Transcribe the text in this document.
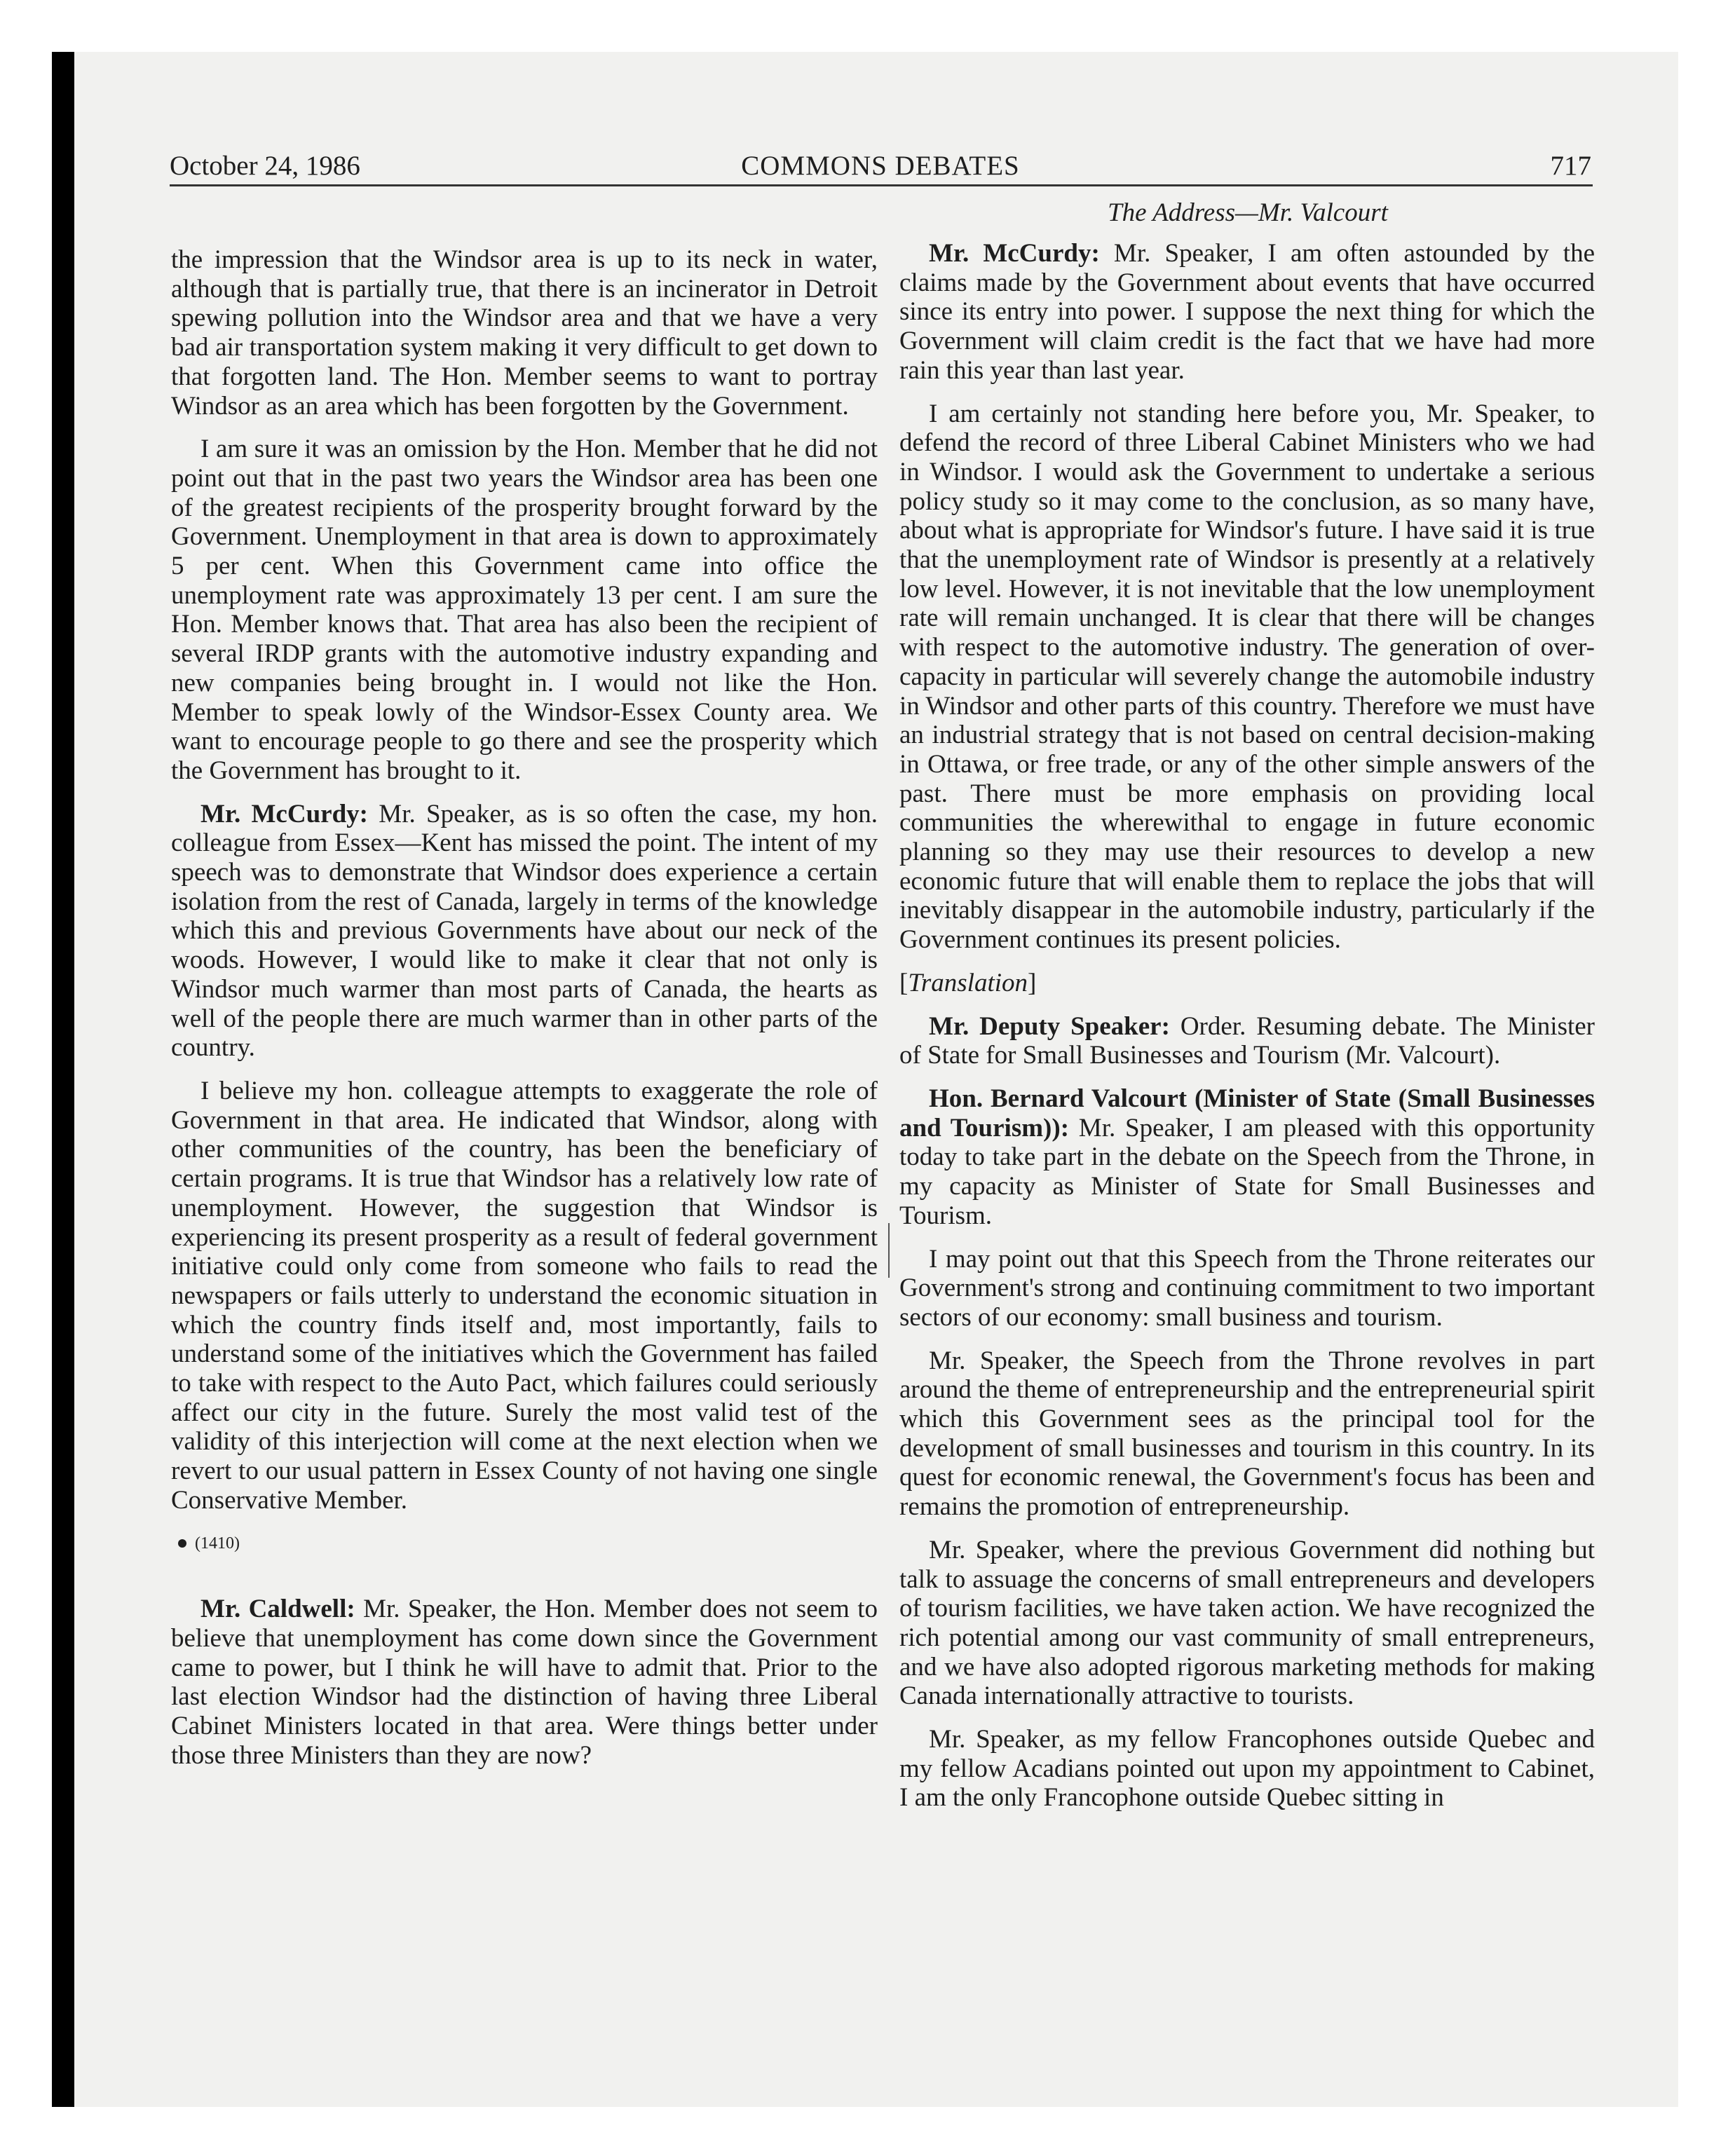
October 24, 1986	COMMONS DEBATES	717
The Address—Mr. Valcourt

the impression that the Windsor area is up to its neck in water, although that is partially true, that there is an incinerator in Detroit spewing pollution into the Windsor area and that we have a very bad air transportation system making it very difficult to get down to that forgotten land. The Hon. Member seems to want to portray Windsor as an area which has been forgotten by the Government.

I am sure it was an omission by the Hon. Member that he did not point out that in the past two years the Windsor area has been one of the greatest recipients of the prosperity brought forward by the Government. Unemployment in that area is down to approximately 5 per cent. When this Government came into office the unemployment rate was approximately 13 per cent. I am sure the Hon. Member knows that. That area has also been the recipient of several IRDP grants with the automotive industry expanding and new companies being brought in. I would not like the Hon. Member to speak lowly of the Windsor-Essex County area. We want to encourage people to go there and see the prosperity which the Government has brought to it.

Mr. McCurdy: Mr. Speaker, as is so often the case, my hon. colleague from Essex—Kent has missed the point. The intent of my speech was to demonstrate that Windsor does experience a certain isolation from the rest of Canada, largely in terms of the knowledge which this and previous Governments have about our neck of the woods. However, I would like to make it clear that not only is Windsor much warmer than most parts of Canada, the hearts as well of the people there are much warmer than in other parts of the country.

I believe my hon. colleague attempts to exaggerate the role of Government in that area. He indicated that Windsor, along with other communities of the country, has been the beneficiary of certain programs. It is true that Windsor has a relatively low rate of unemployment. However, the suggestion that Windsor is experiencing its present prosperity as a result of federal government initiative could only come from someone who fails to read the newspapers or fails utterly to understand the economic situation in which the country finds itself and, most importantly, fails to understand some of the initiatives which the Government has failed to take with respect to the Auto Pact, which failures could seriously affect our city in the future. Surely the most valid test of the validity of this interjection will come at the next election when we revert to our usual pattern in Essex County of not having one single Conservative Member.

(1410)

Mr. Caldwell: Mr. Speaker, the Hon. Member does not seem to believe that unemployment has come down since the Government came to power, but I think he will have to admit that. Prior to the last election Windsor had the distinction of having three Liberal Cabinet Ministers located in that area. Were things better under those three Ministers than they are now?

Mr. McCurdy: Mr. Speaker, I am often astounded by the claims made by the Government about events that have occurred since its entry into power. I suppose the next thing for which the Government will claim credit is the fact that we have had more rain this year than last year.

I am certainly not standing here before you, Mr. Speaker, to defend the record of three Liberal Cabinet Ministers who we had in Windsor. I would ask the Government to undertake a serious policy study so it may come to the conclusion, as so many have, about what is appropriate for Windsor's future. I have said it is true that the unemployment rate of Windsor is presently at a relatively low level. However, it is not inevitable that the low unemployment rate will remain unchanged. It is clear that there will be changes with respect to the automotive industry. The generation of over-capacity in particular will severely change the automobile industry in Windsor and other parts of this country. Therefore we must have an industrial strategy that is not based on central decision-making in Ottawa, or free trade, or any of the other simple answers of the past. There must be more emphasis on providing local communities the wherewithal to engage in future economic planning so they may use their resources to develop a new economic future that will enable them to replace the jobs that will inevitably disappear in the automobile industry, particularly if the Government continues its present policies.

[Translation]

Mr. Deputy Speaker: Order. Resuming debate. The Minister of State for Small Businesses and Tourism (Mr. Valcourt).

Hon. Bernard Valcourt (Minister of State (Small Businesses and Tourism)): Mr. Speaker, I am pleased with this opportunity today to take part in the debate on the Speech from the Throne, in my capacity as Minister of State for Small Businesses and Tourism.

I may point out that this Speech from the Throne reiterates our Government's strong and continuing commitment to two important sectors of our economy: small business and tourism.

Mr. Speaker, the Speech from the Throne revolves in part around the theme of entrepreneurship and the entrepreneurial spirit which this Government sees as the principal tool for the development of small businesses and tourism in this country. In its quest for economic renewal, the Government's focus has been and remains the promotion of entrepreneurship.

Mr. Speaker, where the previous Government did nothing but talk to assuage the concerns of small entrepreneurs and developers of tourism facilities, we have taken action. We have recognized the rich potential among our vast community of small entrepreneurs, and we have also adopted rigorous marketing methods for making Canada internationally attractive to tourists.

Mr. Speaker, as my fellow Francophones outside Quebec and my fellow Acadians pointed out upon my appointment to Cabinet, I am the only Francophone outside Quebec sitting in
